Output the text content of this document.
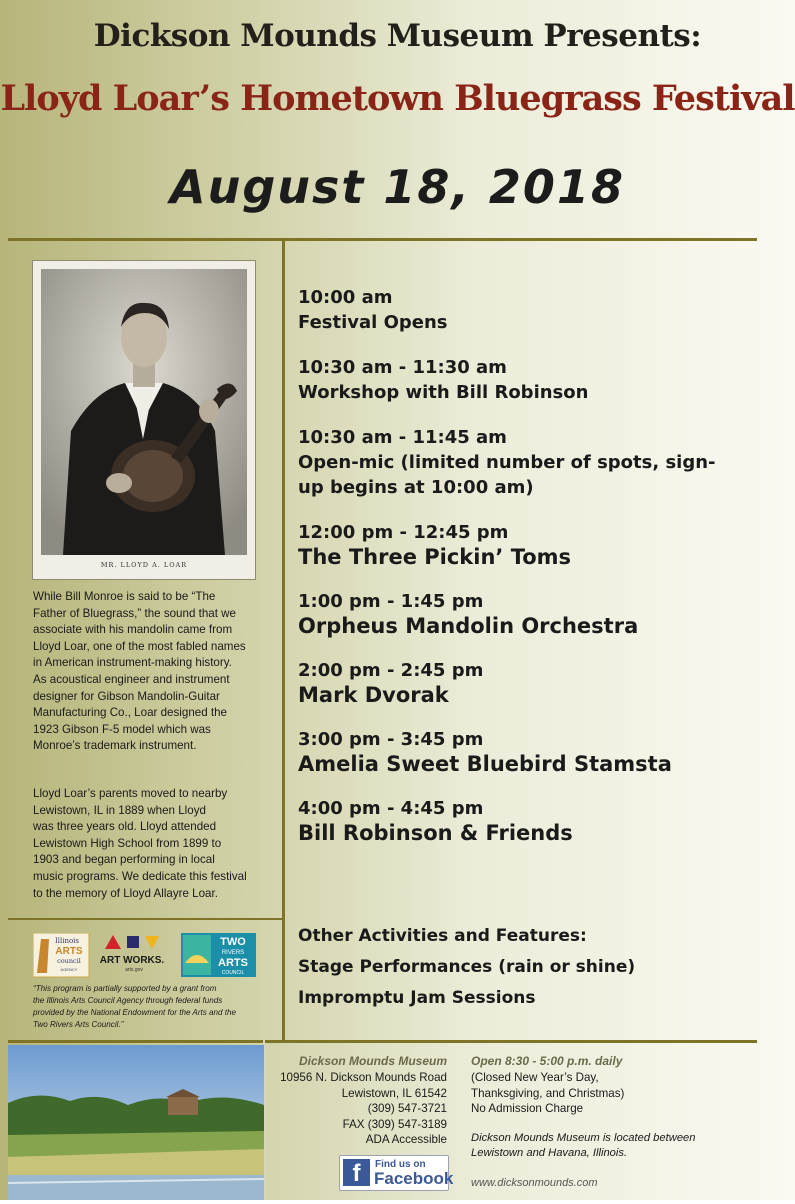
Dickson Mounds Museum Presents:
Lloyd Loar’s Hometown Bluegrass Festival
August 18, 2018
MR. LLOYD A. LOAR
While Bill Monroe is said to be “The
Father of Bluegrass,” the sound that we
associate with his mandolin came from
Lloyd Loar, one of the most fabled names
in American instrument-making history.
As acoustical engineer and instrument
designer for Gibson Mandolin-Guitar
Manufacturing Co., Loar designed the
1923 Gibson F-5 model which was
Monroe’s trademark instrument.
Lloyd Loar’s parents moved to nearby
Lewistown, IL in 1889 when Lloyd
was three years old. Lloyd attended
Lewistown High School from 1899 to
1903 and began performing in local
music programs. We dedicate this festival
to the memory of Lloyd Allayre Loar.
Illinois
ARTS
council
AGENCY
ART WORKS.
arts.gov
TWO
RIVERS
ARTS
COUNCIL
“This program is partially supported by a grant from
the Illinois Arts Council Agency through federal funds
provided by the National Endowment for the Arts and the
Two Rivers Arts Council.”
10:00 am
Festival Opens
10:30 am - 11:30 am
Workshop with Bill Robinson
10:30 am - 11:45 am
Open-mic (limited number of spots, sign-
up begins at 10:00 am)
12:00 pm - 12:45 pm
The Three Pickin’ Toms
1:00 pm - 1:45 pm
Orpheus Mandolin Orchestra
2:00 pm - 2:45 pm
Mark Dvorak
3:00 pm - 3:45 pm
Amelia Sweet Bluebird Stamsta
4:00 pm - 4:45 pm
Bill Robinson & Friends
Other Activities and Features:
Stage Performances (rain or shine)
Impromptu Jam Sessions
Dickson Mounds Museum
10956 N. Dickson Mounds Road
Lewistown, IL 61542
(309) 547-3721
FAX (309) 547-3189
ADA Accessible
Open 8:30 - 5:00 p.m. daily
(Closed New Year’s Day,
Thanksgiving, and Christmas)
No Admission Charge
Dickson Mounds Museum is located between
Lewistown and Havana, Illinois.
f	Find us on
Facebook www.dicksonmounds.com
